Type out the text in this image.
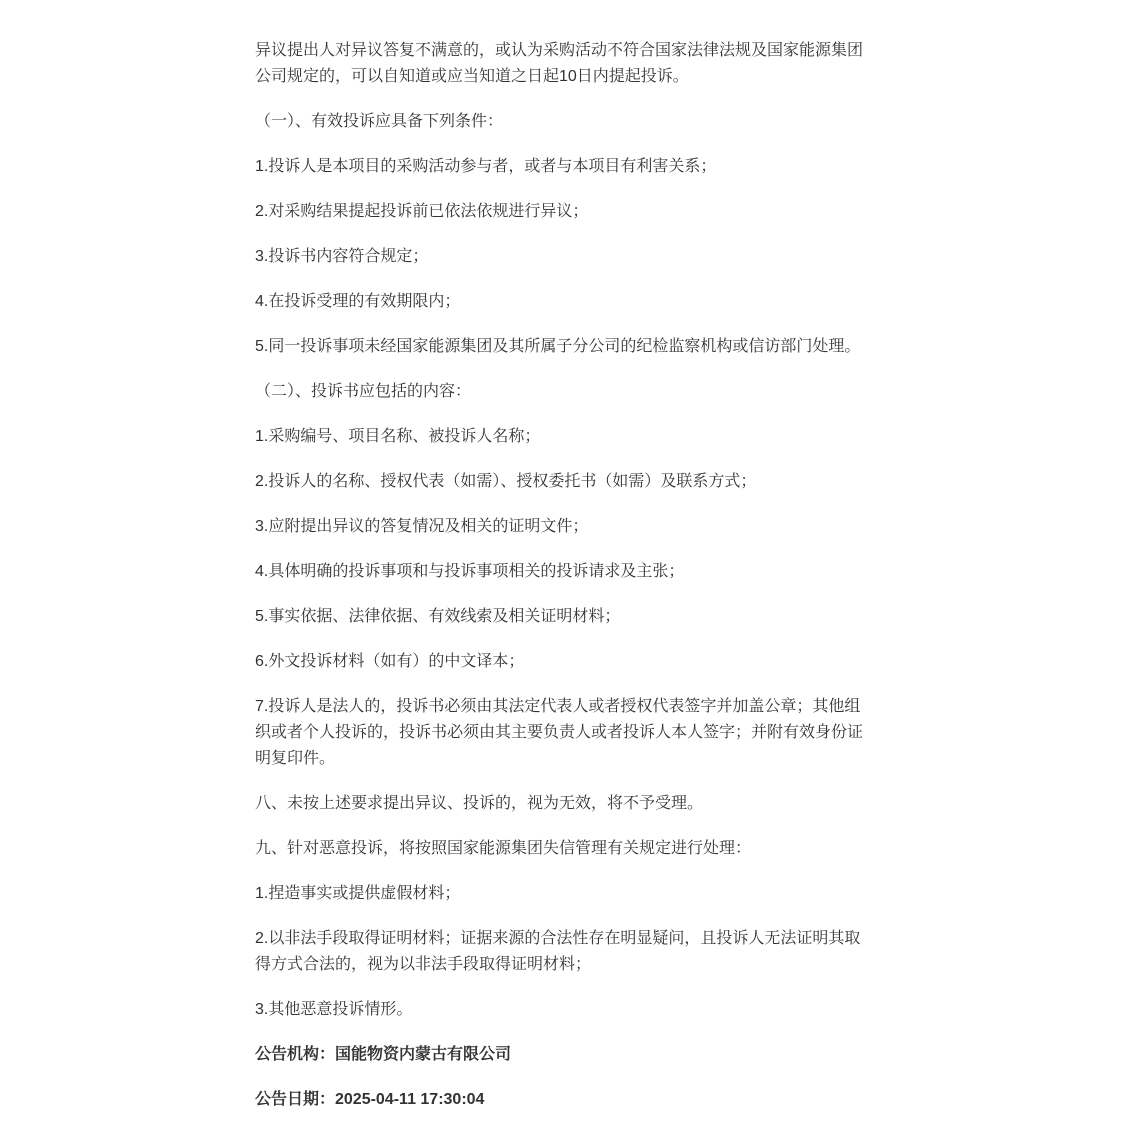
异议提出人对异议答复不满意的，或认为采购活动不符合国家法律法规及国家能源集团公司规定的，可以自知道或应当知道之日起10日内提起投诉。

（一）、有效投诉应具备下列条件：

1.投诉人是本项目的采购活动参与者，或者与本项目有利害关系；

2.对采购结果提起投诉前已依法依规进行异议；

3.投诉书内容符合规定；

4.在投诉受理的有效期限内；

5.同一投诉事项未经国家能源集团及其所属子分公司的纪检监察机构或信访部门处理。

（二）、投诉书应包括的内容：

1.采购编号、项目名称、被投诉人名称；

2.投诉人的名称、授权代表（如需）、授权委托书（如需）及联系方式；

3.应附提出异议的答复情况及相关的证明文件；

4.具体明确的投诉事项和与投诉事项相关的投诉请求及主张；

5.事实依据、法律依据、有效线索及相关证明材料；

6.外文投诉材料（如有）的中文译本；

7.投诉人是法人的，投诉书必须由其法定代表人或者授权代表签字并加盖公章；其他组织或者个人投诉的，投诉书必须由其主要负责人或者投诉人本人签字；并附有效身份证明复印件。

八、未按上述要求提出异议、投诉的，视为无效，将不予受理。

九、针对恶意投诉，将按照国家能源集团失信管理有关规定进行处理：

1.捏造事实或提供虚假材料；

2.以非法手段取得证明材料；证据来源的合法性存在明显疑问，且投诉人无法证明其取得方式合法的，视为以非法手段取得证明材料；

3.其他恶意投诉情形。

公告机构：国能物资内蒙古有限公司

公告日期：2025-04-11 17:30:04
